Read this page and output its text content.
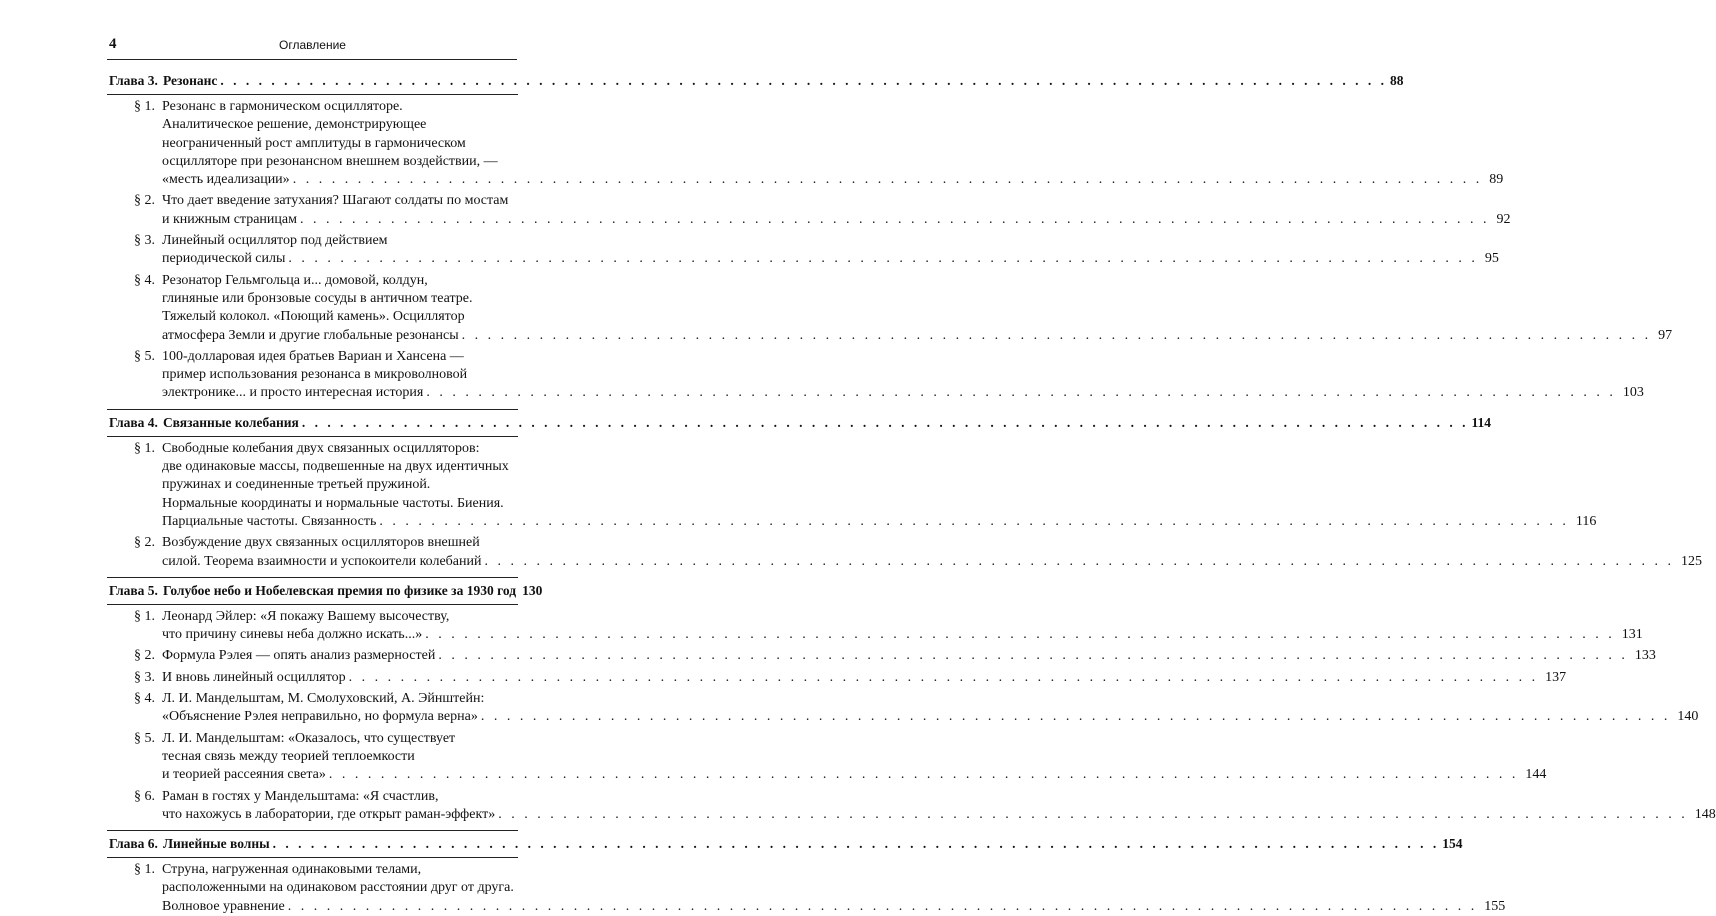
4	Оглавление
Глава 3. Резонанс . . .	88
§ 1. Резонанс в гармоническом осцилляторе.
Аналитическое решение, демонстрирующее
неограниченный рост амплитуды в гармоническом
осцилляторе при резонансном внешнем воздействии, —
«месть идеализации» . . .	89
§ 2. Что дает введение затухания? Шагают солдаты по мостам
и книжным страницам . . .	92
§ 3. Линейный осциллятор под действием
периодической силы . . .	95
§ 4. Резонатор Гельмгольца и... домовой, колдун,
глиняные или бронзовые сосуды в античном театре.
Тяжелый колокол. «Поющий камень». Осциллятор
атмосфера Земли и другие глобальные резонансы . . .	97
§ 5. 100-долларовая идея братьев Вариан и Хансена —
пример использования резонанса в микроволновой
электронике... и просто интересная история . . .	103
Глава 4. Связанные колебания . . .	114
§ 1. Свободные колебания двух связанных осцилляторов:
две одинаковые массы, подвешенные на двух идентичных
пружинах и соединенные третьей пружиной.
Нормальные координаты и нормальные частоты. Биения.
Парциальные частоты. Связанность . . .	116
§ 2. Возбуждение двух связанных осцилляторов внешней
силой. Теорема взаимности и успокоители колебаний . . .	125
Глава 5. Голубое небо и Нобелевская премия по физике за 1930 год 130
§ 1. Леонард Эйлер: «Я покажу Вашему высочеству,
что причину синевы неба должно искать...» . . .	131
§ 2. Формула Рэлея — опять анализ размерностей . . .	133
§ 3. И вновь линейный осциллятор . . .	137
§ 4. Л. И. Мандельштам, М. Смолуховский, А. Эйнштейн:
«Объяснение Рэлея неправильно, но формула верна» . . .	140
§ 5. Л. И. Мандельштам: «Оказалось, что существует
тесная связь между теорией теплоемкости
и теорией рассеяния света» . . .	144
§ 6. Раман в гостях у Мандельштама: «Я счастлив,
что нахожусь в лаборатории, где открыт раман-эффект» . . .	148
Глава 6. Линейные волны . . .	154
§ 1. Струна, нагруженная одинаковыми телами,
расположенными на одинаковом расстоянии друг от друга.
Волновое уравнение . . .	155
